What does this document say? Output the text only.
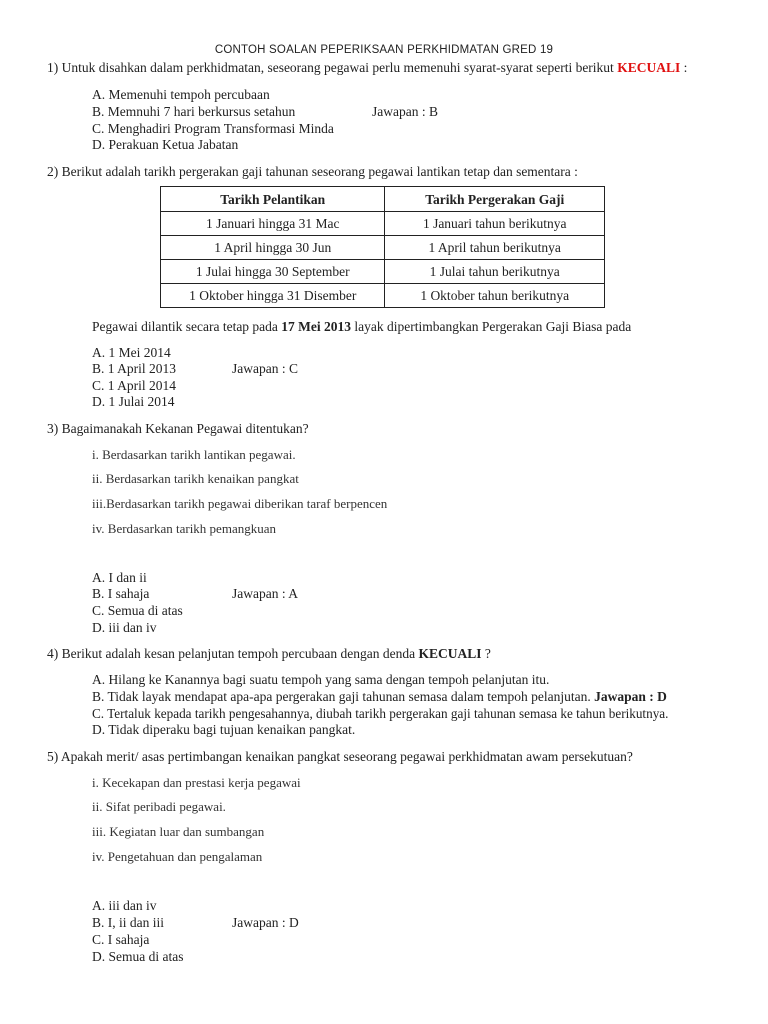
CONTOH SOALAN PEPERIKSAAN PERKHIDMATAN GRED 19
1) Untuk disahkan dalam perkhidmatan, seseorang pegawai perlu memenuhi syarat-syarat seperti berikut KECUALI :
A. Memenuhi tempoh percubaan
B. Memnuhi 7 hari berkursus setahun	Jawapan : B
C. Menghadiri Program Transformasi Minda
D. Perakuan Ketua Jabatan
2) Berikut adalah tarikh pergerakan gaji tahunan seseorang pegawai lantikan tetap dan sementara :
Tarikh Pelantikan	Tarikh Pergerakan Gaji
1 Januari hingga 31 Mac	1 Januari tahun berikutnya
1 April hingga 30 Jun	1 April tahun berikutnya
1 Julai hingga 30 September	1 Julai tahun berikutnya
1 Oktober hingga 31 Disember	1 Oktober tahun berikutnya
Pegawai dilantik secara tetap pada 17 Mei 2013 layak dipertimbangkan Pergerakan Gaji Biasa pada
A. 1 Mei 2014
B. 1 April 2013	Jawapan : C
C. 1 April 2014
D. 1 Julai 2014
3) Bagaimanakah Kekanan Pegawai ditentukan?
i. Berdasarkan tarikh lantikan pegawai.
ii. Berdasarkan tarikh kenaikan pangkat
iii.Berdasarkan tarikh pegawai diberikan taraf berpencen
iv. Berdasarkan tarikh pemangkuan
A. I dan ii
B. I sahaja	Jawapan : A
C. Semua di atas
D. iii dan iv
4) Berikut adalah kesan pelanjutan tempoh percubaan dengan denda KECUALI ?
A. Hilang ke Kanannya bagi suatu tempoh yang sama dengan tempoh pelanjutan itu.
B. Tidak layak mendapat apa-apa pergerakan gaji tahunan semasa dalam tempoh pelanjutan. Jawapan : D
C. Tertaluk kepada tarikh pengesahannya, diubah tarikh pergerakan gaji tahunan semasa ke tahun berikutnya.
D. Tidak diperaku bagi tujuan kenaikan pangkat.
5) Apakah merit/ asas pertimbangan kenaikan pangkat seseorang pegawai perkhidmatan awam persekutuan?
i. Kecekapan dan prestasi kerja pegawai
ii. Sifat peribadi pegawai.
iii. Kegiatan luar dan sumbangan
iv. Pengetahuan dan pengalaman
A. iii dan iv
B. I, ii dan iii	Jawapan : D
C. I sahaja
D. Semua di atas
